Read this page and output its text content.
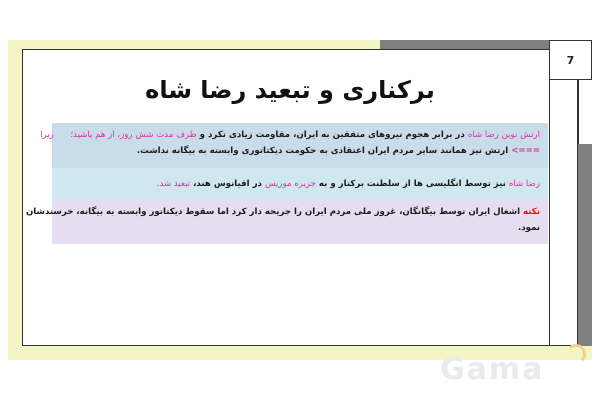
7
برکناری و تبعید رضا شاه
ارتش نوین رضا شاه در برابر هجوم نیروهای متفقین به ایران، مقاومت زیادی نکرد و ظرف مدت شش روز، از هم پاشید؛      زیرا
<=== ارتش نیز همانند سایر مردم ایران اعتقادی به حکومت دیکتاتوری وابسته به بیگانه نداشت.
رضا شاه نیز توسط انگلیسی ها از سلطنت برکنار و به جزیره موریس در اقیانوس هند، تبعید شد.
نکته اشغال ایران توسط بیگانگان، غرور ملی مردم ایران را جریحه دار کرد اما سقوط دیکتاتور وابسته به بیگانه، خرسندشان
نمود.
Gama
